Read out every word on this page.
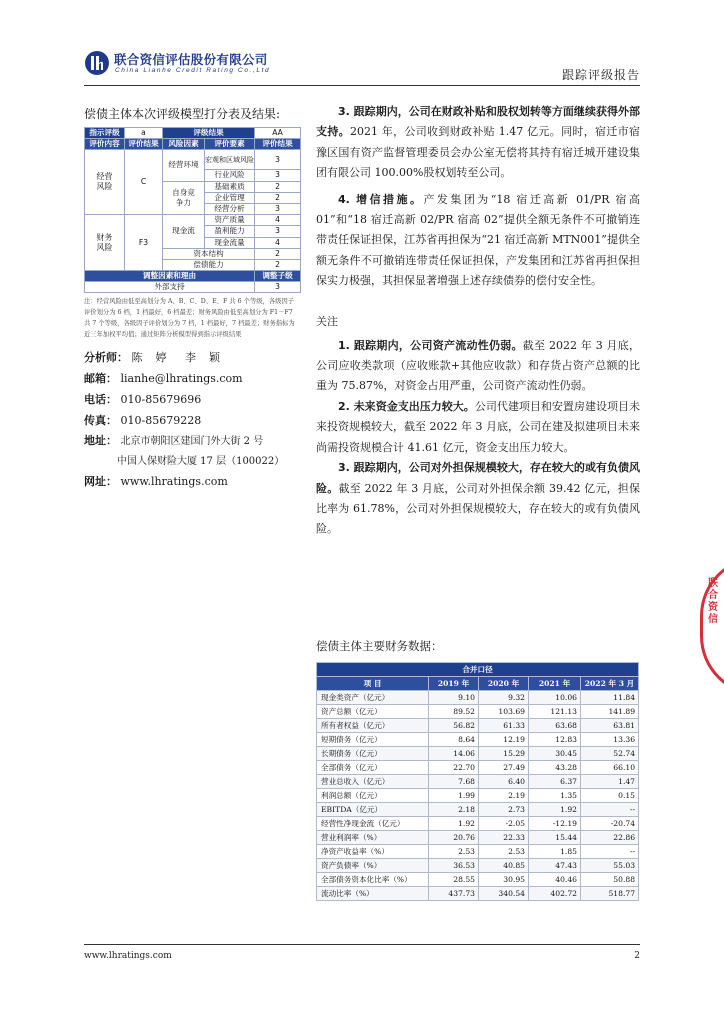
联合资信评估股份有限公司
China Lianhe Credit Rating Co.,Ltd	跟踪评级报告
偿债主体本次评级模型打分表及结果:
指示评级	a	评级结果		AA
评价内容	评价结果	风险因素	评价要素	评价结果
经营风险	C	经营环境	宏观和区域风险	3
			行业风险	3
		自身竞争力	基础素质	2
			企业管理	2
			经营分析	3
财务风险	F3	现金流	资产质量	4
			盈利能力	3
			现金流量	4
		资本结构		2
		偿债能力		2
调整因素和理由				调整子级
外部支持				3
注：经营风险由低至高划分为 A、B、C、D、E、F 共 6 个等级，各级因子评价划分为 6 档，1 档最好，6 档最差；财务风险由低至高划分为 F1－F7 共 7 个等级，各级因子评价划分为 7 档，1 档最好，7 档最差；财务指标为近三年加权平均值；通过矩阵分析模型得到指示评级结果
分析师： 陈  婷   李  颖
邮箱： lianhe@lhratings.com
电话： 010-85679696
传真： 010-85679228
地址： 北京市朝阳区建国门外大街 2 号
中国人保财险大厦 17 层（100022）
网址： www.lhratings.com

3. 跟踪期内，公司在财政补贴和股权划转等方面继续获得外部支持。2021 年，公司收到财政补贴 1.47 亿元。同时，宿迁市宿豫区国有资产监督管理委员会办公室无偿将其持有宿迁城开建设集团有限公司 100.00%股权划转至公司。

4. 增信措施。产发集团为“18 宿迁高新 01/PR 宿高 01”和“18 宿迁高新 02/PR 宿高 02”提供全额无条件不可撤销连带责任保证担保，江苏省再担保为“21 宿迁高新 MTN001”提供全额无条件不可撤销连带责任保证担保，产发集团和江苏省再担保担保实力极强，其担保显著增强上述存续债券的偿付安全性。

关注

1. 跟踪期内，公司资产流动性仍弱。截至 2022 年 3 月底，公司应收类款项（应收账款+其他应收款）和存货占资产总额的比重为 75.87%，对资金占用严重，公司资产流动性仍弱。

2. 未来资金支出压力较大。公司代建项目和安置房建设项目未来投资规模较大，截至 2022 年 3 月底，公司在建及拟建项目未来尚需投资规模合计 41.61 亿元，资金支出压力较大。

3. 跟踪期内，公司对外担保规模较大，存在较大的或有负债风险。截至 2022 年 3 月底，公司对外担保余额 39.42 亿元，担保比率为 61.78%，公司对外担保规模较大，存在较大的或有负债风险。

偿债主体主要财务数据：
合并口径				
项 目	2019 年	2020 年	2021 年	2022 年 3 月
现金类资产（亿元）	9.10	9.32	10.06	11.84
资产总额（亿元）	89.52	103.69	121.13	141.89
所有者权益（亿元）	56.82	61.33	63.68	63.81
短期债务（亿元）	8.64	12.19	12.83	13.36
长期债务（亿元）	14.06	15.29	30.45	52.74
全部债务（亿元）	22.70	27.49	43.28	66.10
营业总收入（亿元）	7.68	6.40	6.37	1.47
利润总额（亿元）	1.99	2.19	1.35	0.15
EBITDA（亿元）	2.18	2.73	1.92	--
经营性净现金流（亿元）	1.92	-2.05	-12.19	-20.74
营业利润率（%）	20.76	22.33	15.44	22.86
净资产收益率（%）	2.53	2.53	1.85	--
资产负债率（%）	36.53	40.85	47.43	55.03
全部债务资本化比率（%）	28.55	30.95	40.46	50.88
流动比率（%）	437.73	340.54	402.72	518.77
www.lhratings.com	2
联合资信
